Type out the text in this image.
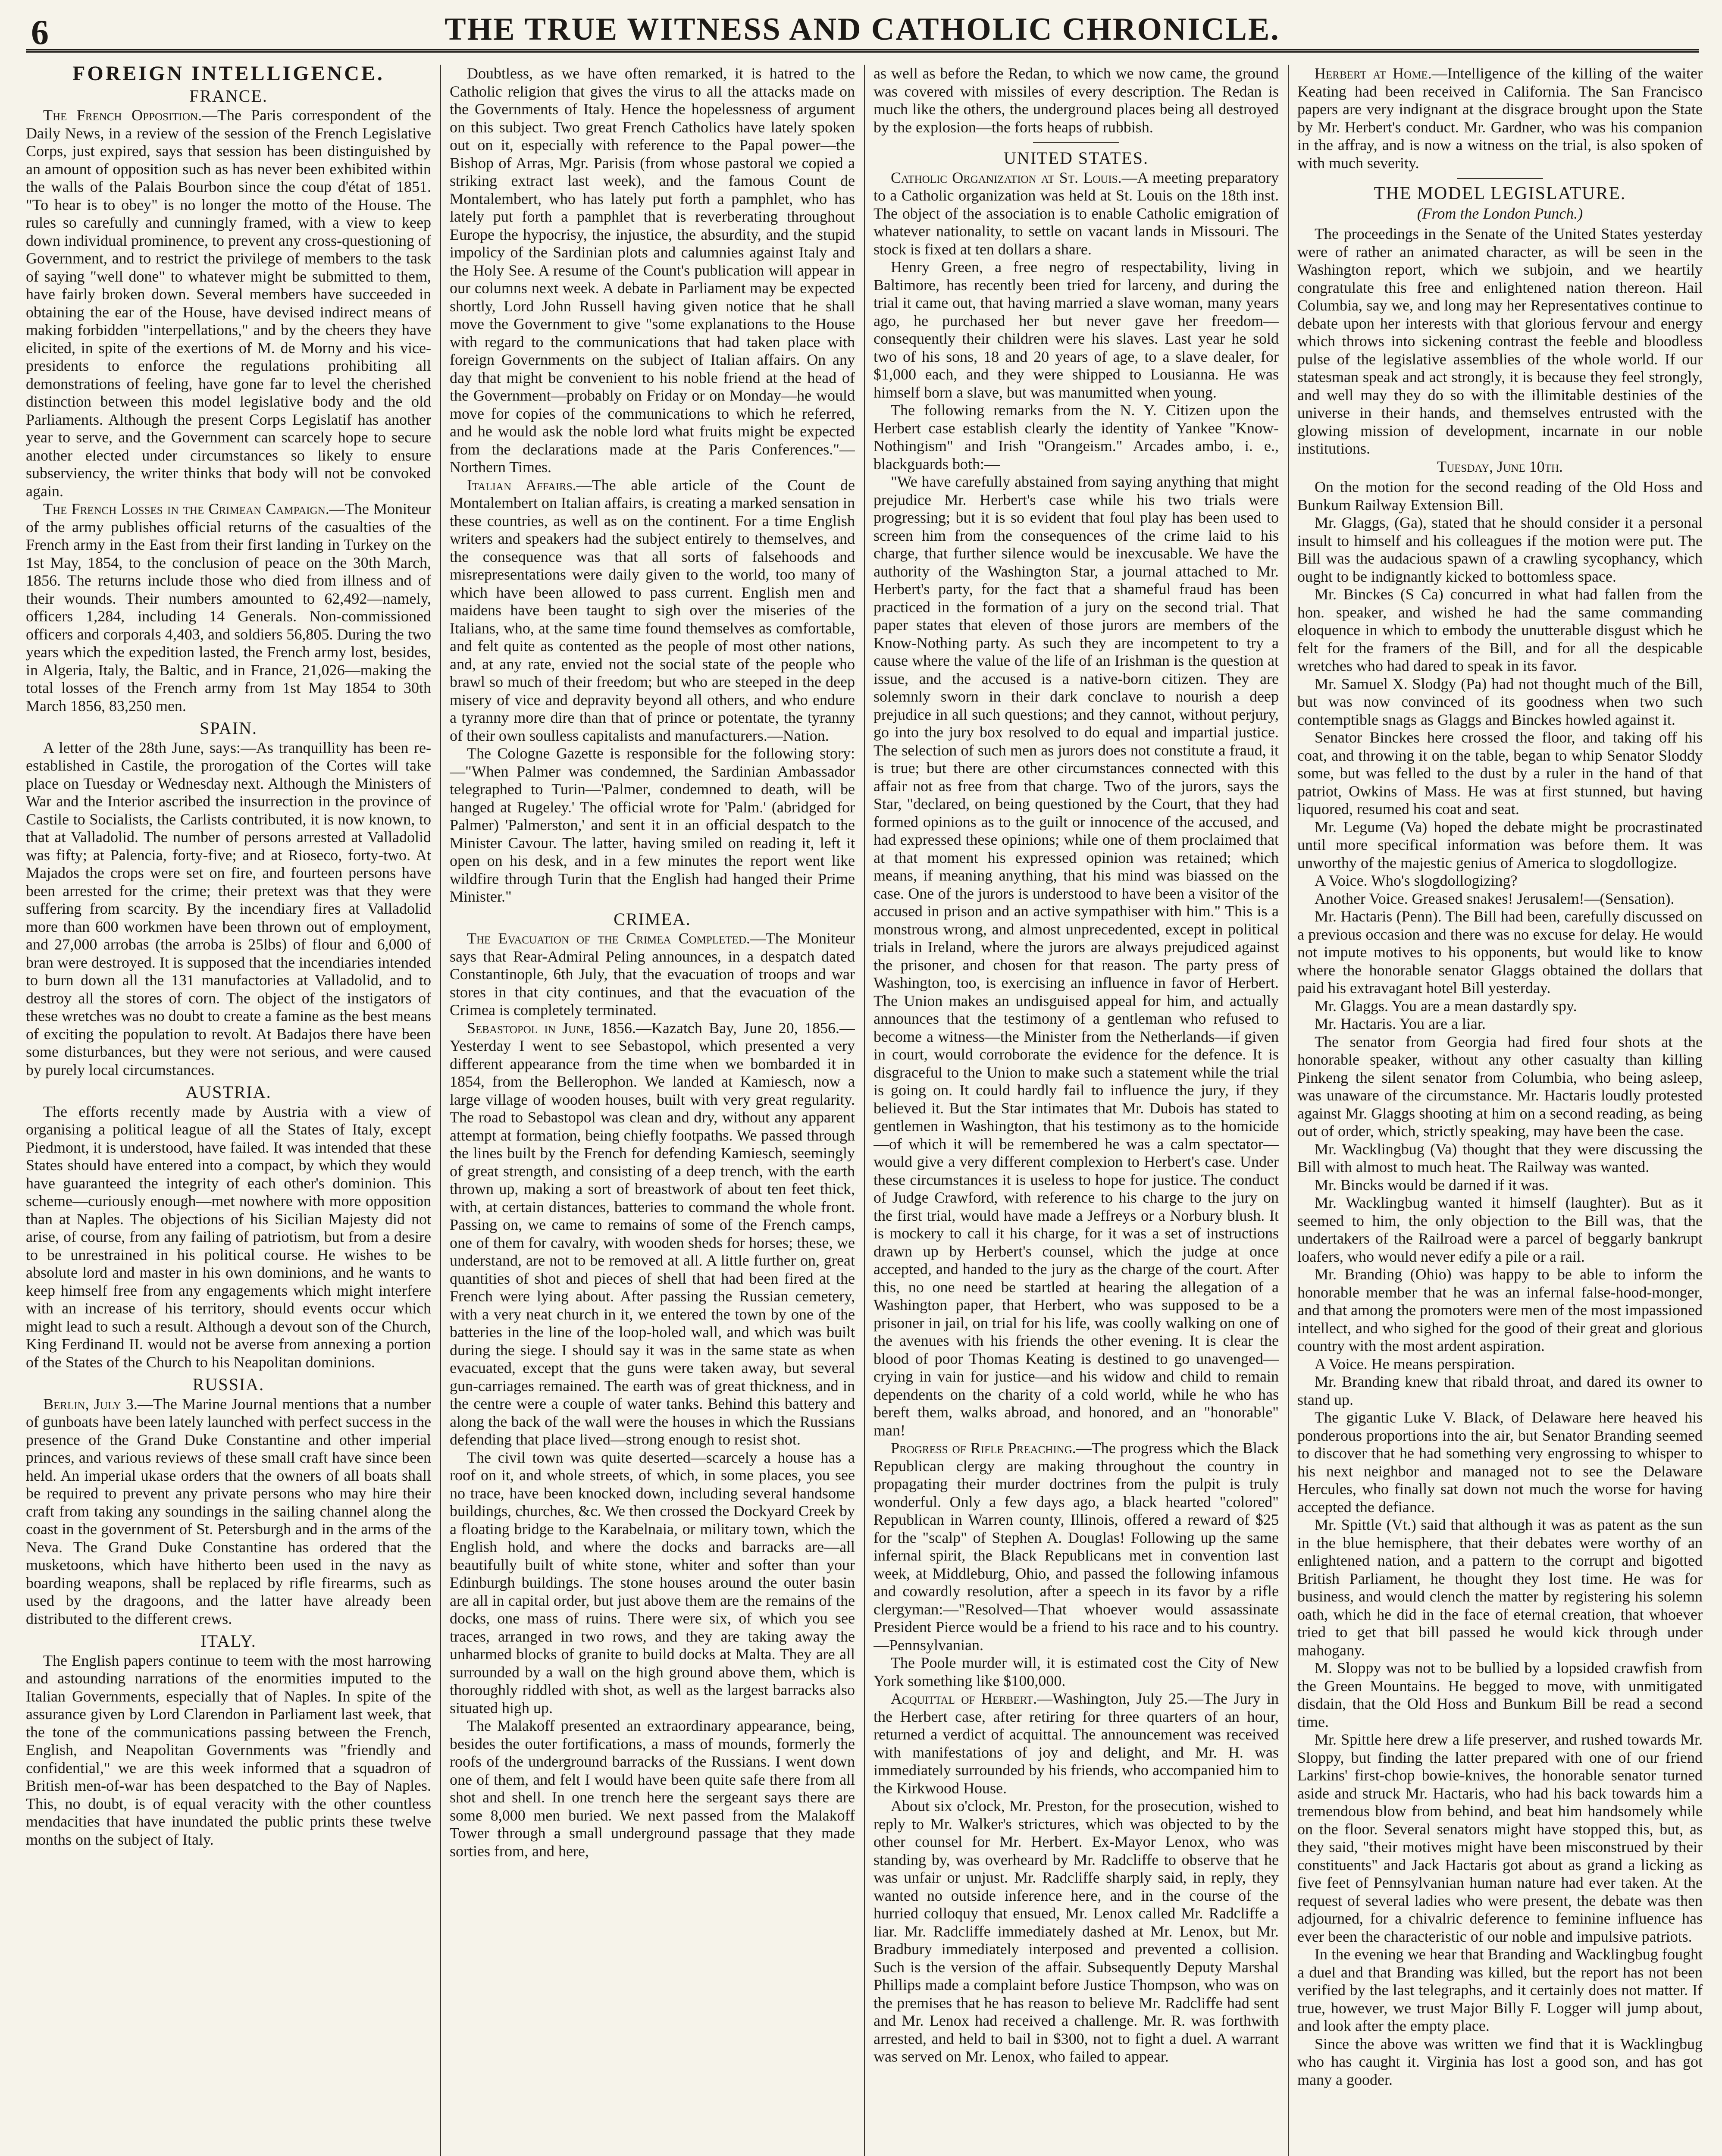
6	THE TRUE WITNESS AND CATHOLIC CHRONICLE.
FOREIGN INTELLIGENCE.
FRANCE.

The French Opposition.—The Paris correspondent of the Daily News, in a review of the session of the French Legislative Corps, just expired, says that session has been distinguished by an amount of opposition such as has never been exhibited within the walls of the Palais Bourbon since the coup d'état of 1851. "To hear is to obey" is no longer the motto of the House. The rules so carefully and cunningly framed, with a view to keep down individual prominence, to prevent any cross-questioning of Government, and to restrict the privilege of members to the task of saying "well done" to whatever might be submitted to them, have fairly broken down. Several members have succeeded in obtaining the ear of the House, have devised indirect means of making forbidden "interpellations," and by the cheers they have elicited, in spite of the exertions of M. de Morny and his vice-presidents to enforce the regulations prohibiting all demonstrations of feeling, have gone far to level the cherished distinction between this model legislative body and the old Parliaments. Although the present Corps Legislatif has another year to serve, and the Government can scarcely hope to secure another elected under circumstances so likely to ensure subserviency, the writer thinks that body will not be convoked again.

The French Losses in the Crimean Campaign.—The Moniteur of the army publishes official returns of the casualties of the French army in the East from their first landing in Turkey on the 1st May, 1854, to the conclusion of peace on the 30th March, 1856. The returns include those who died from illness and of their wounds. Their numbers amounted to 62,492—namely, officers 1,284, including 14 Generals. Non-commissioned officers and corporals 4,403, and soldiers 56,805. During the two years which the expedition lasted, the French army lost, besides, in Algeria, Italy, the Baltic, and in France, 21,026—making the total losses of the French army from 1st May 1854 to 30th March 1856, 83,250 men.

SPAIN.

A letter of the 28th June, says:—As tranquillity has been re-established in Castile, the prorogation of the Cortes will take place on Tuesday or Wednesday next. Although the Ministers of War and the Interior ascribed the insurrection in the province of Castile to Socialists, the Carlists contributed, it is now known, to that at Valladolid. The number of persons arrested at Valladolid was fifty; at Palencia, forty-five; and at Rioseco, forty-two. At Majados the crops were set on fire, and fourteen persons have been arrested for the crime; their pretext was that they were suffering from scarcity. By the incendiary fires at Valladolid more than 600 workmen have been thrown out of employment, and 27,000 arrobas (the arroba is 25lbs) of flour and 6,000 of bran were destroyed. It is supposed that the incendiaries intended to burn down all the 131 manufactories at Valladolid, and to destroy all the stores of corn. The object of the instigators of these wretches was no doubt to create a famine as the best means of exciting the population to revolt. At Badajos there have been some disturbances, but they were not serious, and were caused by purely local circumstances.

AUSTRIA.

The efforts recently made by Austria with a view of organising a political league of all the States of Italy, except Piedmont, it is understood, have failed. It was intended that these States should have entered into a compact, by which they would have guaranteed the integrity of each other's dominion. This scheme—curiously enough—met nowhere with more opposition than at Naples. The objections of his Sicilian Majesty did not arise, of course, from any failing of patriotism, but from a desire to be unrestrained in his political course. He wishes to be absolute lord and master in his own dominions, and he wants to keep himself free from any engagements which might interfere with an increase of his territory, should events occur which might lead to such a result. Although a devout son of the Church, King Ferdinand II. would not be averse from annexing a portion of the States of the Church to his Neapolitan dominions.

RUSSIA.

Berlin, July 3.—The Marine Journal mentions that a number of gunboats have been lately launched with perfect success in the presence of the Grand Duke Constantine and other imperial princes, and various reviews of these small craft have since been held. An imperial ukase orders that the owners of all boats shall be required to prevent any private persons who may hire their craft from taking any soundings in the sailing channel along the coast in the government of St. Petersburgh and in the arms of the Neva. The Grand Duke Constantine has ordered that the musketoons, which have hitherto been used in the navy as boarding weapons, shall be replaced by rifle firearms, such as used by the dragoons, and the latter have already been distributed to the different crews.

ITALY.

The English papers continue to teem with the most harrowing and astounding narrations of the enormities imputed to the Italian Governments, especially that of Naples. In spite of the assurance given by Lord Clarendon in Parliament last week, that the tone of the communications passing between the French, English, and Neapolitan Governments was "friendly and confidential," we are this week informed that a squadron of British men-of-war has been despatched to the Bay of Naples. This, no doubt, is of equal veracity with the other countless mendacities that have inundated the public prints these twelve months on the subject of Italy.

Doubtless, as we have often remarked, it is hatred to the Catholic religion that gives the virus to all the attacks made on the Governments of Italy. Hence the hopelessness of argument on this subject. Two great French Catholics have lately spoken out on it, especially with reference to the Papal power—the Bishop of Arras, Mgr. Parisis (from whose pastoral we copied a striking extract last week), and the famous Count de Montalembert, who has lately put forth a pamphlet, who has lately put forth a pamphlet that is reverberating throughout Europe the hypocrisy, the injustice, the absurdity, and the stupid impolicy of the Sardinian plots and calumnies against Italy and the Holy See. A resume of the Count's publication will appear in our columns next week. A debate in Parliament may be expected shortly, Lord John Russell having given notice that he shall move the Government to give "some explanations to the House with regard to the communications that had taken place with foreign Governments on the subject of Italian affairs. On any day that might be convenient to his noble friend at the head of the Government—probably on Friday or on Monday—he would move for copies of the communications to which he referred, and he would ask the noble lord what fruits might be expected from the declarations made at the Paris Conferences."—Northern Times.

Italian Affairs.—The able article of the Count de Montalembert on Italian affairs, is creating a marked sensation in these countries, as well as on the continent. For a time English writers and speakers had the subject entirely to themselves, and the consequence was that all sorts of falsehoods and misrepresentations were daily given to the world, too many of which have been allowed to pass current. English men and maidens have been taught to sigh over the miseries of the Italians, who, at the same time found themselves as comfortable, and felt quite as contented as the people of most other nations, and, at any rate, envied not the social state of the people who brawl so much of their freedom; but who are steeped in the deep misery of vice and depravity beyond all others, and who endure a tyranny more dire than that of prince or potentate, the tyranny of their own soulless capitalists and manufacturers.—Nation.

The Cologne Gazette is responsible for the following story:—"When Palmer was condemned, the Sardinian Ambassador telegraphed to Turin—'Palmer, condemned to death, will be hanged at Rugeley.' The official wrote for 'Palm.' (abridged for Palmer) 'Palmerston,' and sent it in an official despatch to the Minister Cavour. The latter, having smiled on reading it, left it open on his desk, and in a few minutes the report went like wildfire through Turin that the English had hanged their Prime Minister."

CRIMEA.

The Evacuation of the Crimea Completed.—The Moniteur says that Rear-Admiral Peling announces, in a despatch dated Constantinople, 6th July, that the evacuation of troops and war stores in that city continues, and that the evacuation of the Crimea is completely terminated.

Sebastopol in June, 1856.—Kazatch Bay, June 20, 1856.—Yesterday I went to see Sebastopol, which presented a very different appearance from the time when we bombarded it in 1854, from the Bellerophon. We landed at Kamiesch, now a large village of wooden houses, built with very great regularity. The road to Sebastopol was clean and dry, without any apparent attempt at formation, being chiefly footpaths. We passed through the lines built by the French for defending Kamiesch, seemingly of great strength, and consisting of a deep trench, with the earth thrown up, making a sort of breastwork of about ten feet thick, with, at certain distances, batteries to command the whole front. Passing on, we came to remains of some of the French camps, one of them for cavalry, with wooden sheds for horses; these, we understand, are not to be removed at all. A little further on, great quantities of shot and pieces of shell that had been fired at the French were lying about. After passing the Russian cemetery, with a very neat church in it, we entered the town by one of the batteries in the line of the loop-holed wall, and which was built during the siege. I should say it was in the same state as when evacuated, except that the guns were taken away, but several gun-carriages remained. The earth was of great thickness, and in the centre were a couple of water tanks. Behind this battery and along the back of the wall were the houses in which the Russians defending that place lived—strong enough to resist shot.

The civil town was quite deserted—scarcely a house has a roof on it, and whole streets, of which, in some places, you see no trace, have been knocked down, including several handsome buildings, churches, &c. We then crossed the Dockyard Creek by a floating bridge to the Karabelnaia, or military town, which the English hold, and where the docks and barracks are—all beautifully built of white stone, whiter and softer than your Edinburgh buildings. The stone houses around the outer basin are all in capital order, but just above them are the remains of the docks, one mass of ruins. There were six, of which you see traces, arranged in two rows, and they are taking away the unharmed blocks of granite to build docks at Malta. They are all surrounded by a wall on the high ground above them, which is thoroughly riddled with shot, as well as the largest barracks also situated high up.

The Malakoff presented an extraordinary appearance, being, besides the outer fortifications, a mass of mounds, formerly the roofs of the underground barracks of the Russians. I went down one of them, and felt I would have been quite safe there from all shot and shell. In one trench here the sergeant says there are some 8,000 men buried. We next passed from the Malakoff Tower through a small underground passage that they made sorties from, and here,

as well as before the Redan, to which we now came, the ground was covered with missiles of every description. The Redan is much like the others, the underground places being all destroyed by the explosion—the forts heaps of rubbish.

UNITED STATES.

Catholic Organization at St. Louis.—A meeting preparatory to a Catholic organization was held at St. Louis on the 18th inst. The object of the association is to enable Catholic emigration of whatever nationality, to settle on vacant lands in Missouri. The stock is fixed at ten dollars a share.

Henry Green, a free negro of respectability, living in Baltimore, has recently been tried for larceny, and during the trial it came out, that having married a slave woman, many years ago, he purchased her but never gave her freedom—consequently their children were his slaves. Last year he sold two of his sons, 18 and 20 years of age, to a slave dealer, for $1,000 each, and they were shipped to Lousianna. He was himself born a slave, but was manumitted when young.

The following remarks from the N. Y. Citizen upon the Herbert case establish clearly the identity of Yankee "Know-Nothingism" and Irish "Orangeism." Arcades ambo, i. e., blackguards both:—

"We have carefully abstained from saying anything that might prejudice Mr. Herbert's case while his two trials were progressing; but it is so evident that foul play has been used to screen him from the consequences of the crime laid to his charge, that further silence would be inexcusable. We have the authority of the Washington Star, a journal attached to Mr. Herbert's party, for the fact that a shameful fraud has been practiced in the formation of a jury on the second trial. That paper states that eleven of those jurors are members of the Know-Nothing party. As such they are incompetent to try a cause where the value of the life of an Irishman is the question at issue, and the accused is a native-born citizen. They are solemnly sworn in their dark conclave to nourish a deep prejudice in all such questions; and they cannot, without perjury, go into the jury box resolved to do equal and impartial justice. The selection of such men as jurors does not constitute a fraud, it is true; but there are other circumstances connected with this affair not as free from that charge. Two of the jurors, says the Star, "declared, on being questioned by the Court, that they had formed opinions as to the guilt or innocence of the accused, and had expressed these opinions; while one of them proclaimed that at that moment his expressed opinion was retained; which means, if meaning anything, that his mind was biassed on the case. One of the jurors is understood to have been a visitor of the accused in prison and an active sympathiser with him." This is a monstrous wrong, and almost unprecedented, except in political trials in Ireland, where the jurors are always prejudiced against the prisoner, and chosen for that reason. The party press of Washington, too, is exercising an influence in favor of Herbert. The Union makes an undisguised appeal for him, and actually announces that the testimony of a gentleman who refused to become a witness—the Minister from the Netherlands—if given in court, would corroborate the evidence for the defence. It is disgraceful to the Union to make such a statement while the trial is going on. It could hardly fail to influence the jury, if they believed it. But the Star intimates that Mr. Dubois has stated to gentlemen in Washington, that his testimony as to the homicide—of which it will be remembered he was a calm spectator—would give a very different complexion to Herbert's case. Under these circumstances it is useless to hope for justice. The conduct of Judge Crawford, with reference to his charge to the jury on the first trial, would have made a Jeffreys or a Norbury blush. It is mockery to call it his charge, for it was a set of instructions drawn up by Herbert's counsel, which the judge at once accepted, and handed to the jury as the charge of the court. After this, no one need be startled at hearing the allegation of a Washington paper, that Herbert, who was supposed to be a prisoner in jail, on trial for his life, was coolly walking on one of the avenues with his friends the other evening. It is clear the blood of poor Thomas Keating is destined to go unavenged—crying in vain for justice—and his widow and child to remain dependents on the charity of a cold world, while he who has bereft them, walks abroad, and honored, and an "honorable" man!

Progress of Rifle Preaching.—The progress which the Black Republican clergy are making throughout the country in propagating their murder doctrines from the pulpit is truly wonderful. Only a few days ago, a black hearted "colored" Republican in Warren county, Illinois, offered a reward of $25 for the "scalp" of Stephen A. Douglas! Following up the same infernal spirit, the Black Republicans met in convention last week, at Middleburg, Ohio, and passed the following infamous and cowardly resolution, after a speech in its favor by a rifle clergyman:—"Resolved—That whoever would assassinate President Pierce would be a friend to his race and to his country.—Pennsylvanian.

The Poole murder will, it is estimated cost the City of New York something like $100,000.

Acquittal of Herbert.—Washington, July 25.—The Jury in the Herbert case, after retiring for three quarters of an hour, returned a verdict of acquittal. The announcement was received with manifestations of joy and delight, and Mr. H. was immediately surrounded by his friends, who accompanied him to the Kirkwood House.

About six o'clock, Mr. Preston, for the prosecution, wished to reply to Mr. Walker's strictures, which was objected to by the other counsel for Mr. Herbert. Ex-Mayor Lenox, who was standing by, was overheard by Mr. Radcliffe to observe that he was unfair or unjust. Mr. Radcliffe sharply said, in reply, they wanted no outside inference here, and in the course of the hurried colloquy that ensued, Mr. Lenox called Mr. Radcliffe a liar. Mr. Radcliffe immediately dashed at Mr. Lenox, but Mr. Bradbury immediately interposed and prevented a collision. Such is the version of the affair. Subsequently Deputy Marshal Phillips made a complaint before Justice Thompson, who was on the premises that he has reason to believe Mr. Radcliffe had sent and Mr. Lenox had received a challenge. Mr. R. was forthwith arrested, and held to bail in $300, not to fight a duel. A warrant was served on Mr. Lenox, who failed to appear.

Herbert at Home.—Intelligence of the killing of the waiter Keating had been received in California. The San Francisco papers are very indignant at the disgrace brought upon the State by Mr. Herbert's conduct. Mr. Gardner, who was his companion in the affray, and is now a witness on the trial, is also spoken of with much severity.

THE MODEL LEGISLATURE.
(From the London Punch.)

The proceedings in the Senate of the United States yesterday were of rather an animated character, as will be seen in the Washington report, which we subjoin, and we heartily congratulate this free and enlightened nation thereon. Hail Columbia, say we, and long may her Representatives continue to debate upon her interests with that glorious fervour and energy which throws into sickening contrast the feeble and bloodless pulse of the legislative assemblies of the whole world. If our statesman speak and act strongly, it is because they feel strongly, and well may they do so with the illimitable destinies of the universe in their hands, and themselves entrusted with the glowing mission of development, incarnate in our noble institutions.

Tuesday, June 10th.

On the motion for the second reading of the Old Hoss and Bunkum Railway Extension Bill.

Mr. Glaggs, (Ga), stated that he should consider it a personal insult to himself and his colleagues if the motion were put. The Bill was the audacious spawn of a crawling sycophancy, which ought to be indignantly kicked to bottomless space.

Mr. Binckes (S Ca) concurred in what had fallen from the hon. speaker, and wished he had the same commanding eloquence in which to embody the unutterable disgust which he felt for the framers of the Bill, and for all the despicable wretches who had dared to speak in its favor.

Mr. Samuel X. Slodgy (Pa) had not thought much of the Bill, but was now convinced of its goodness when two such contemptible snags as Glaggs and Binckes howled against it.

Senator Binckes here crossed the floor, and taking off his coat, and throwing it on the table, began to whip Senator Sloddy some, but was felled to the dust by a ruler in the hand of that patriot, Owkins of Mass. He was at first stunned, but having liquored, resumed his coat and seat.

Mr. Legume (Va) hoped the debate might be procrastinated until more specifical information was before them. It was unworthy of the majestic genius of America to slogdollogize.

A Voice. Who's slogdollogizing?

Another Voice. Greased snakes! Jerusalem!—(Sensation).

Mr. Hactaris (Penn). The Bill had been, carefully discussed on a previous occasion and there was no excuse for delay. He would not impute motives to his opponents, but would like to know where the honorable senator Glaggs obtained the dollars that paid his extravagant hotel Bill yesterday.

Mr. Glaggs. You are a mean dastardly spy.

Mr. Hactaris. You are a liar.

The senator from Georgia had fired four shots at the honorable speaker, without any other casualty than killing Pinkeng the silent senator from Columbia, who being asleep, was unaware of the circumstance. Mr. Hactaris loudly protested against Mr. Glaggs shooting at him on a second reading, as being out of order, which, strictly speaking, may have been the case.

Mr. Wacklingbug (Va) thought that they were discussing the Bill with almost to much heat. The Railway was wanted.

Mr. Bincks would be darned if it was.

Mr. Wacklingbug wanted it himself (laughter). But as it seemed to him, the only objection to the Bill was, that the undertakers of the Railroad were a parcel of beggarly bankrupt loafers, who would never edify a pile or a rail.

Mr. Branding (Ohio) was happy to be able to inform the honorable member that he was an infernal false-hood-monger, and that among the promoters were men of the most impassioned intellect, and who sighed for the good of their great and glorious country with the most ardent aspiration.

A Voice. He means perspiration.

Mr. Branding knew that ribald throat, and dared its owner to stand up.

The gigantic Luke V. Black, of Delaware here heaved his ponderous proportions into the air, but Senator Branding seemed to discover that he had something very engrossing to whisper to his next neighbor and managed not to see the Delaware Hercules, who finally sat down not much the worse for having accepted the defiance.

Mr. Spittle (Vt.) said that although it was as patent as the sun in the blue hemisphere, that their debates were worthy of an enlightened nation, and a pattern to the corrupt and bigotted British Parliament, he thought they lost time. He was for business, and would clench the matter by registering his solemn oath, which he did in the face of eternal creation, that whoever tried to get that bill passed he would kick through under mahogany.

M. Sloppy was not to be bullied by a lopsided crawfish from the Green Mountains. He begged to move, with unmitigated disdain, that the Old Hoss and Bunkum Bill be read a second time.

Mr. Spittle here drew a life preserver, and rushed towards Mr. Sloppy, but finding the latter prepared with one of our friend Larkins' first-chop bowie-knives, the honorable senator turned aside and struck Mr. Hactaris, who had his back towards him a tremendous blow from behind, and beat him handsomely while on the floor. Several senators might have stopped this, but, as they said, "their motives might have been misconstrued by their constituents" and Jack Hactaris got about as grand a licking as five feet of Pennsylvanian human nature had ever taken. At the request of several ladies who were present, the debate was then adjourned, for a chivalric deference to feminine influence has ever been the characteristic of our noble and impulsive patriots.

In the evening we hear that Branding and Wacklingbug fought a duel and that Branding was killed, but the report has not been verified by the last telegraphs, and it certainly does not matter. If true, however, we trust Major Billy F. Logger will jump about, and look after the empty place.

Since the above was written we find that it is Wacklingbug who has caught it. Virginia has lost a good son, and has got many a gooder.
